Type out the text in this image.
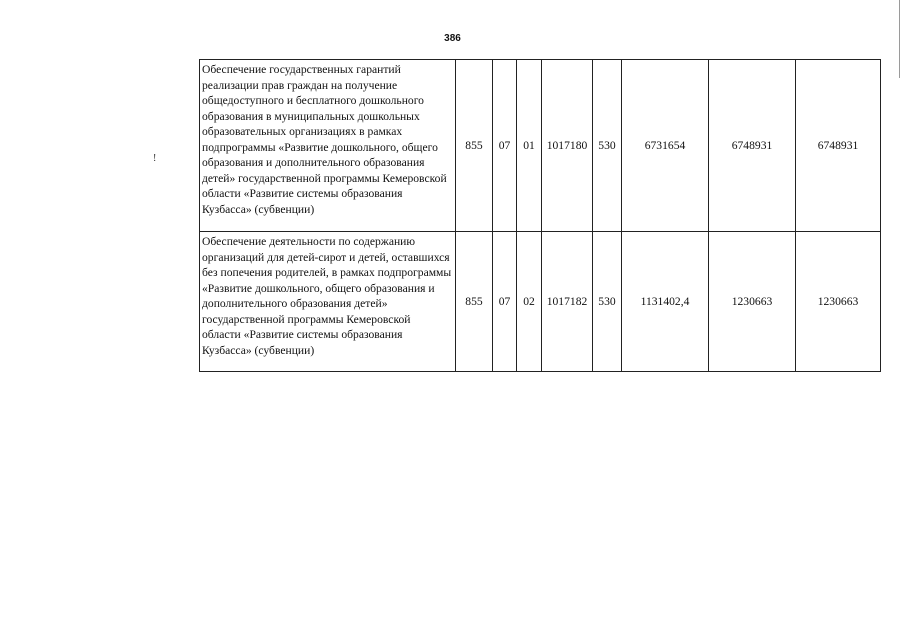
386
!
Обеспечение государственных гарантий реализации прав граждан на получение общедоступного и бесплатного дошкольного образования в муниципальных дошкольных образовательных организациях в рамках подпрограммы «Развитие дошкольного, общего образования и дополнительного образования детей» государственной программы Кемеровской области «Развитие системы образования Кузбасса» (субвенции)	855	07	01	1017180	530	6731654	6748931	6748931
Обеспечение деятельности по содержанию организаций для детей-сирот и детей, оставшихся без попечения родителей, в рамках подпрограммы «Развитие дошкольного, общего образования и дополнительного образования детей» государственной программы Кемеровской области «Развитие системы образования Кузбасса» (субвенции)	855	07	02	1017182	530	1131402,4	1230663	1230663
